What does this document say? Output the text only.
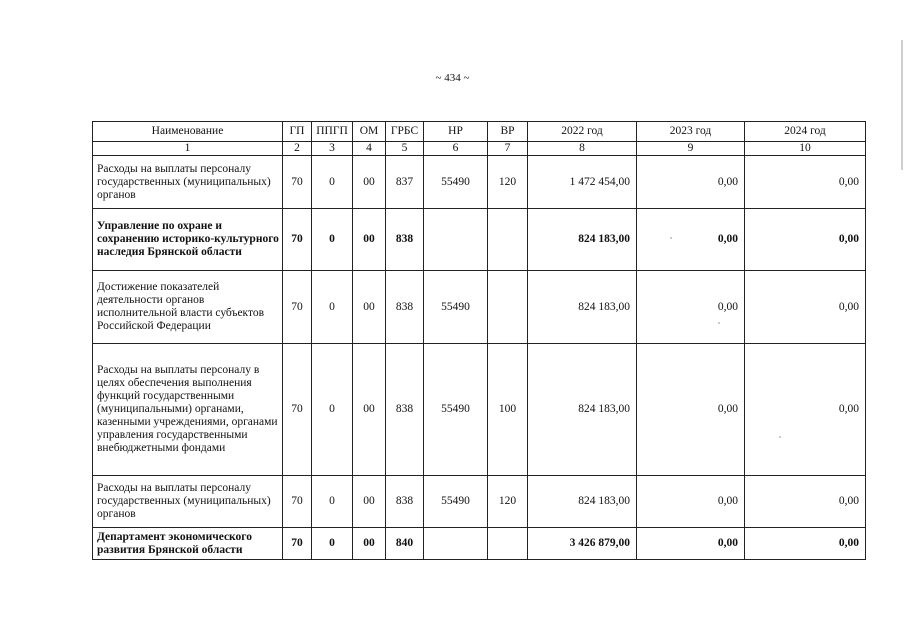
~ 434 ~
Наименование	ГП	ППГП	ОМ	ГРБС	НР	ВР	2022 год	2023 год	2024 год
1	2	3	4	5	6	7	8	9	10
Расходы на выплаты персоналу государственных (муниципальных) органов	70	0	00	837	55490	120	1 472 454,00	0,00	0,00
Управление по охране и сохранению историко-культурного наследия Брянской области	70	0	00	838			824 183,00	0,00	0,00
Достижение показателей деятельности органов исполнительной власти субъектов Российской Федерации	70	0	00	838	55490		824 183,00	0,00	0,00
Расходы на выплаты персоналу в целях обеспечения выполнения функций государственными (муниципальными) органами, казенными учреждениями, органами управления государственными внебюджетными фондами	70	0	00	838	55490	100	824 183,00	0,00	0,00
Расходы на выплаты персоналу государственных (муниципальных) органов	70	0	00	838	55490	120	824 183,00	0,00	0,00
Департамент экономического развития Брянской области	70	0	00	840			3 426 879,00	0,00	0,00
